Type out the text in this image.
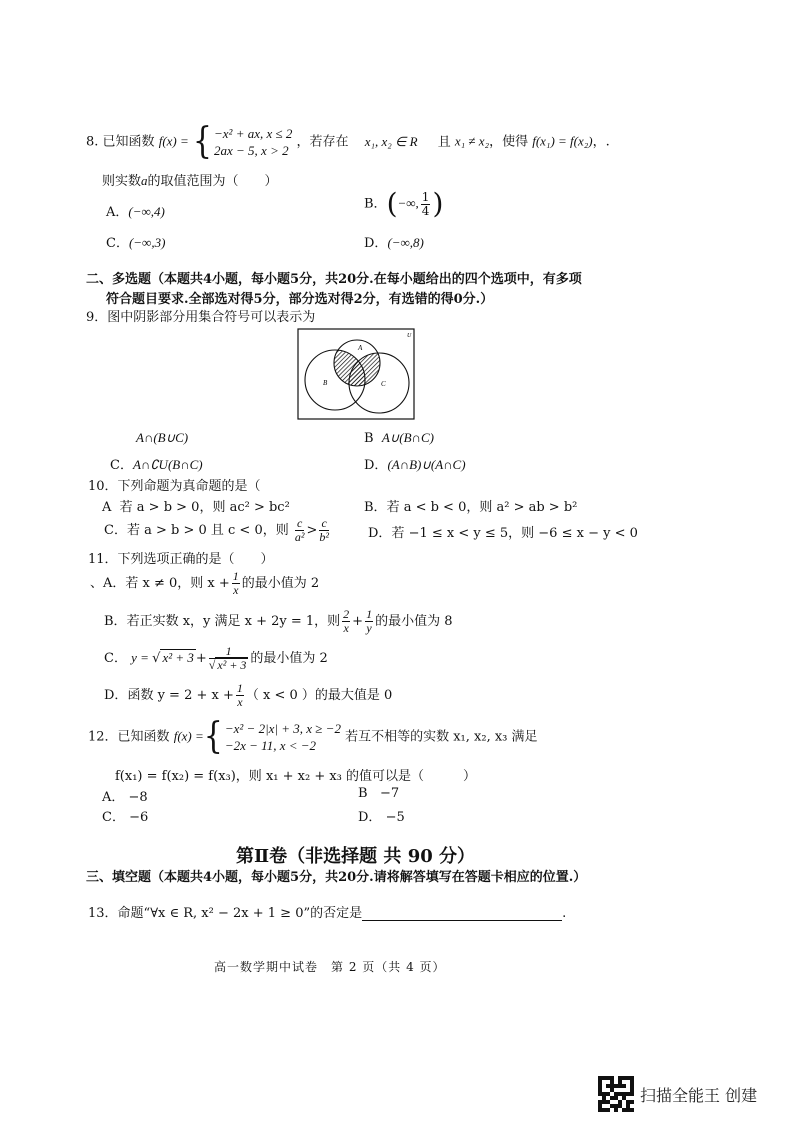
8. 已知函数 f(x) = { −x² + ax, x ≤ 2
2ax − 5, x > 2
，若存在 x₁, x₂ ∈ R 且 x₁ ≠ x₂，使得 f(x₁) = f(x₂)，.
则实数a的取值范围为（　　）
A．(−∞,4)	B．(−∞, $\frac{1}{4}$ )
C．(−∞,3)	D．(−∞,8)
二、多选题（本题共4小题，每小题5分，共20分.在每小题给出的四个选项中，有多项
符合题目要求.全部选对得5分，部分选对得2分，有选错的得0分.）
9．图中阴影部分用集合符号可以表示为
U
A
B	C
A∩(B∪C)	B A∪(B∩C)
C．A∩∁U(B∩C)	D．(A∩B)∪(A∩C)
10．下列命题为真命题的是（
A 若 a > b > 0，则 ac² > bc²	B．若 a < b < 0，则 a² > ab > b²
C．若 a > b > 0 且 c < 0，则 $\frac{c}{\text{a²}} > \frac{c}{\text{b²}}$	D．若 −1 ≤ x < y ≤ 5，则 −6 ≤ x − y < 0
11．下列选项正确的是（　　）
、A．若 x ≠ 0，则 $x + \frac{1}{x}$ 的最小值为 2
B．若正实数 x，y 满足 x + 2y = 1，则 $\frac{2}{x} + \frac{1}{y}$ 的最小值为 8
C． y = √ $x^2 + 3 + \frac{1}{\text{√ x² + 3}}$ 的最小值为 2
D．函数 $y = 2 + x + \frac{1}{x}$ （ x < 0 ）的最大值是 0
12．已知函数 f(x) ={ −x² − 2|x| + 3, x ≥ −2
−2x − 11, x < −2
若互不相等的实数 x₁, x₂, x₃ 满足
f(x₁) = f(x₂) = f(x₃)，则 x₁ + x₂ + x₃ 的值可以是（　　　）
A． −8	B −7
C． −6	D． −5
第Ⅱ卷（非选择题 共 90 分）
三、填空题（本题共4小题，每小题5分，共20分.请将解答填写在答题卡相应的位置.）
13．命题“∀x ∈ R, x² − 2x + 1 ≥ 0”的否定是	.
高一数学期中试卷　第 2 页（共 4 页）
扫描全能王 创建
